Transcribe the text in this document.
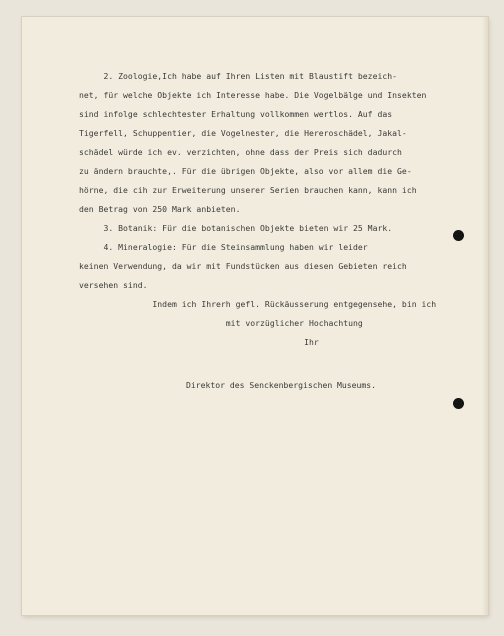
2. Zoologie,Ich habe auf Ihren Listen mit Blaustift bezeich-

net, für welche Objekte ich Interesse habe. Die Vogelbälge und Insekten

sind infolge schlechtester Erhaltung vollkommen wertlos. Auf das

Tigerfell, Schuppentier, die Vogelnester, die Hereroschädel, Jakal-

schädel würde ich ev. verzichten, ohne dass der Preis sich dadurch

zu ändern brauchte,. Für die übrigen Objekte, also vor allem die Ge-

hörne, die cih zur Erweiterung unserer Serien brauchen kann, kann ich

den Betrag von 250 Mark anbieten.

3. Botanik: Für die botanischen Objekte bieten wir 25 Mark.

4. Mineralogie: Für die Steinsammlung haben wir leider

keinen Verwendung, da wir mit Fundstücken aus diesen Gebieten reich

versehen sind.

Indem ich Ihrerh gefl. Rückäusserung entgegensehe, bin ich

mit vorzüglicher Hochachtung

Ihr

Direktor des Senckenbergischen Museums.
